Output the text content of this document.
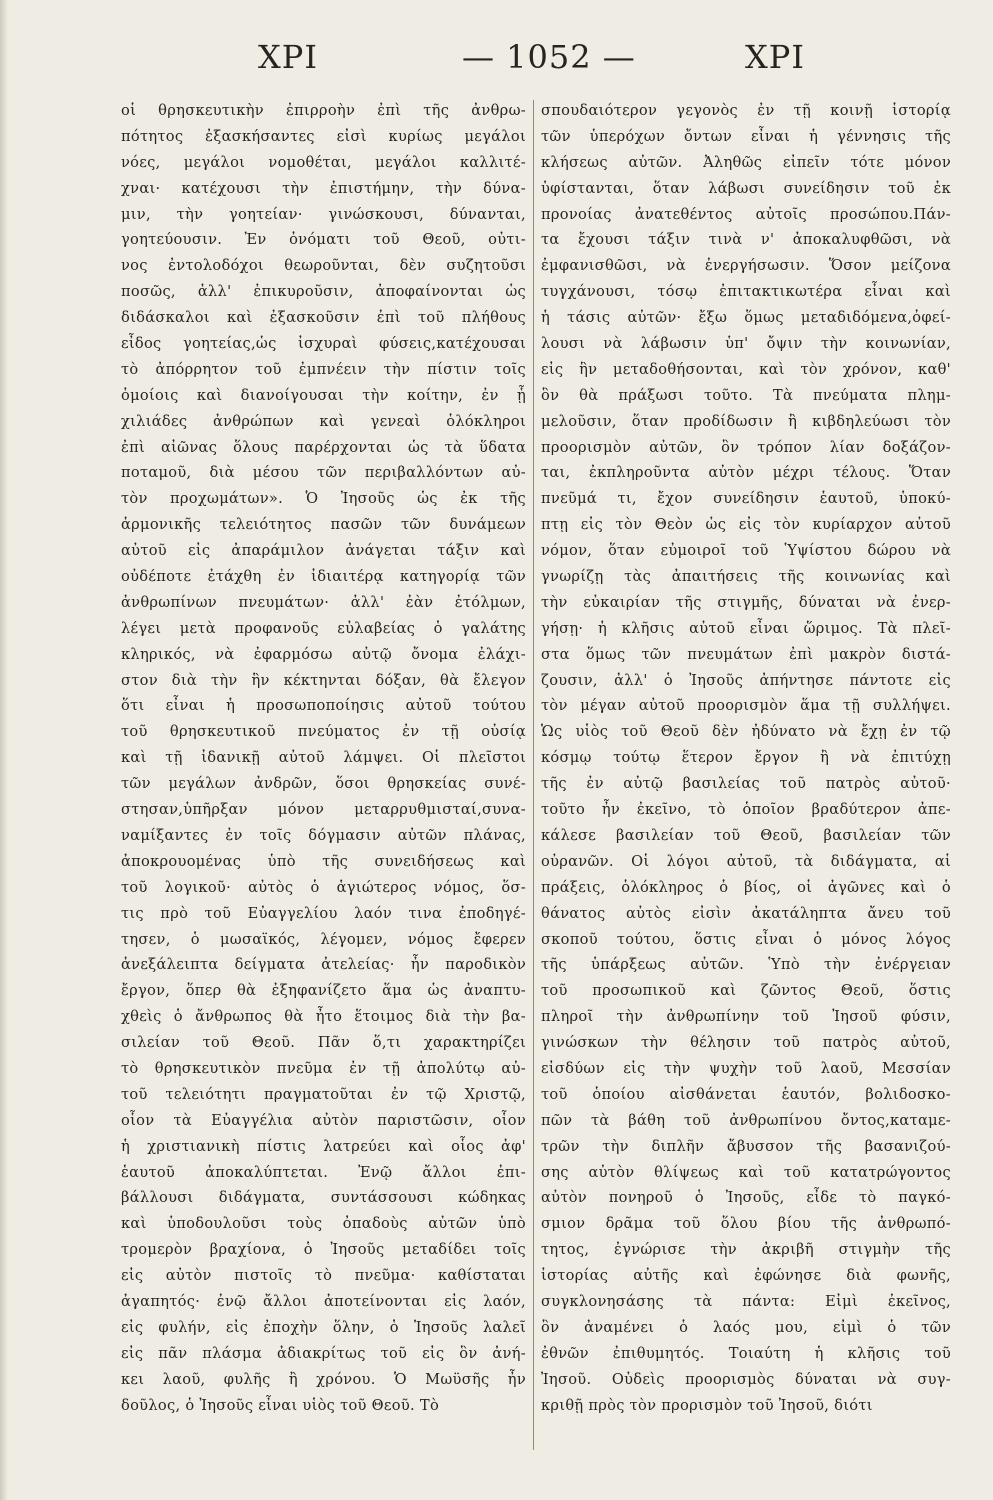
ΧΡΙ	— 1052 —	ΧΡΙ
οἱ θρησκευτικὴν ἐπιρροὴν ἐπὶ τῆς ἀνθρω-
πότητος ἐξασκήσαντες εἰσὶ κυρίως μεγάλοι
νόες, μεγάλοι νομοθέται, μεγάλοι καλλιτέ-
χναι· κατέχουσι τὴν ἐπιστήμην, τὴν δύνα-
μιν, τὴν γοητείαν· γινώσκουσι, δύνανται,
γοητεύουσιν. Ἐν ὀνόματι τοῦ Θεοῦ, οὐτι-
νος ἐντολοδόχοι θεωροῦνται, δὲν συζητοῦσι
ποσῶς, ἀλλ' ἐπικυροῦσιν, ἀποφαίνονται ὡς
διδάσκαλοι καὶ ἐξασκοῦσιν ἐπὶ τοῦ πλήθους
εἶδος γοητείας,ὡς ἰσχυραὶ φύσεις,κατέχουσαι
τὸ ἀπόρρητον τοῦ ἐμπνέειν τὴν πίστιν τοῖς
ὁμοίοις καὶ διανοίγουσαι τὴν κοίτην, ἐν ᾗ
χιλιάδες ἀνθρώπων καὶ γενεαὶ ὁλόκληροι
ἐπὶ αἰῶνας ὅλους παρέρχονται ὡς τὰ ὕδατα
ποταμοῦ, διὰ μέσου τῶν περιβαλλόντων αὐ-
τὸν προχωμάτων». Ὁ Ἰησοῦς ὡς ἐκ τῆς
ἁρμονικῆς τελειότητος πασῶν τῶν δυνάμεων
αὐτοῦ εἰς ἀπαράμιλον ἀνάγεται τάξιν καὶ
οὐδέποτε ἐτάχθη ἐν ἰδιαιτέρᾳ κατηγορίᾳ τῶν
ἀνθρωπίνων πνευμάτων· ἀλλ' ἐὰν ἐτόλμων,
λέγει μετὰ προφανοῦς εὐλαβείας ὁ γαλάτης
κληρικός, νὰ ἐφαρμόσω αὐτῷ ὄνομα ἐλάχι-
στον διὰ τὴν ἣν κέκτηνται δόξαν, θὰ ἔλεγον
ὅτι εἶναι ἡ προσωποποίησις αὐτοῦ τούτου
τοῦ θρησκευτικοῦ πνεύματος ἐν τῇ οὐσίᾳ
καὶ τῇ ἰδανικῇ αὐτοῦ λάμψει. Οἱ πλεῖστοι
τῶν μεγάλων ἀνδρῶν, ὅσοι θρησκείας συνέ-
στησαν,ὑπῆρξαν μόνον μεταρρυθμισταί,συνα-
ναμίξαντες ἐν τοῖς δόγμασιν αὐτῶν πλάνας,
ἀποκρουομένας ὑπὸ τῆς συνειδήσεως καὶ
τοῦ λογικοῦ· αὐτὸς ὁ ἁγιώτερος νόμος, ὅσ-
τις πρὸ τοῦ Εὐαγγελίου λαόν τινα ἐποδηγέ-
τησεν, ὁ μωσαϊκός, λέγομεν, νόμος ἔφερεν
ἀνεξάλειπτα δείγματα ἀτελείας· ἦν παροδικὸν
ἔργον, ὅπερ θὰ ἐξηφανίζετο ἅμα ὡς ἀναπτυ-
χθεὶς ὁ ἄνθρωπος θὰ ἦτο ἕτοιμος διὰ τὴν βα-
σιλείαν τοῦ Θεοῦ. Πᾶν ὅ,τι χαρακτηρίζει
τὸ θρησκευτικὸν πνεῦμα ἐν τῇ ἀπολύτῳ αὐ-
τοῦ τελειότητι πραγματοῦται ἐν τῷ Χριστῷ,
οἷον τὰ Εὐαγγέλια αὐτὸν παριστῶσιν, οἷον
ἡ χριστιανικὴ πίστις λατρεύει καὶ οἷος ἀφ'
ἑαυτοῦ ἀποκαλύπτεται. Ἐνῷ ἄλλοι ἐπι-
βάλλουσι διδάγματα, συντάσσουσι κώδηκας
καὶ ὑποδουλοῦσι τοὺς ὀπαδοὺς αὐτῶν ὑπὸ
τρομερὸν βραχίονα, ὁ Ἰησοῦς μεταδίδει τοῖς
εἰς αὐτὸν πιστοῖς τὸ πνεῦμα· καθίσταται
ἀγαπητός· ἐνῷ ἄλλοι ἀποτείνονται εἰς λαόν,
εἰς φυλήν, εἰς ἐποχὴν ὅλην, ὁ Ἰησοῦς λαλεῖ
εἰς πᾶν πλάσμα ἀδιακρίτως τοῦ εἰς ὃν ἀνή-
κει λαοῦ, φυλῆς ἢ χρόνου. Ὁ Μωϋσῆς ἦν
δοῦλος, ὁ Ἰησοῦς εἶναι υἱὸς τοῦ Θεοῦ. Τὸ
σπουδαιότερον γεγονὸς ἐν τῇ κοινῇ ἱστορίᾳ
τῶν ὑπερόχων ὄντων εἶναι ἡ γέννησις τῆς
κλήσεως αὐτῶν. Ἀληθῶς εἰπεῖν τότε μόνον
ὑφίστανται, ὅταν λάβωσι συνείδησιν τοῦ ἐκ
προνοίας ἀνατεθέντος αὐτοῖς προσώπου.Πάν-
τα ἔχουσι τάξιν τινὰ ν' ἀποκαλυφθῶσι, νὰ
ἐμφανισθῶσι, νὰ ἐνεργήσωσιν. Ὅσον μείζονα
τυγχάνουσι, τόσῳ ἐπιτακτικωτέρα εἶναι καὶ
ἡ τάσις αὐτῶν· ἔξω ὅμως μεταδιδόμενα,ὀφεί-
λουσι νὰ λάβωσιν ὑπ' ὄψιν τὴν κοινωνίαν,
εἰς ἣν μεταδοθήσονται, καὶ τὸν χρόνον, καθ'
ὃν θὰ πράξωσι τοῦτο. Τὰ πνεύματα πλημ-
μελοῦσιν, ὅταν προδίδωσιν ἢ κιβδηλεύωσι τὸν
προορισμὸν αὐτῶν, ὃν τρόπον λίαν δοξάζον-
ται, ἐκπληροῦντα αὐτὸν μέχρι τέλους. Ὅταν
πνεῦμά τι, ἔχον συνείδησιν ἑαυτοῦ, ὑποκύ-
πτῃ εἰς τὸν Θεὸν ὡς εἰς τὸν κυρίαρχον αὐτοῦ
νόμον, ὅταν εὐμοιροῖ τοῦ Ὑψίστου δώρου νὰ
γνωρίζῃ τὰς ἀπαιτήσεις τῆς κοινωνίας καὶ
τὴν εὐκαιρίαν τῆς στιγμῆς, δύναται νὰ ἐνερ-
γήσῃ· ἡ κλῆσις αὐτοῦ εἶναι ὥριμος. Τὰ πλεῖ-
στα ὅμως τῶν πνευμάτων ἐπὶ μακρὸν διστά-
ζουσιν, ἀλλ' ὁ Ἰησοῦς ἀπήντησε πάντοτε εἰς
τὸν μέγαν αὐτοῦ προορισμὸν ἅμα τῇ συλλήψει.
Ὡς υἱὸς τοῦ Θεοῦ δὲν ἠδύνατο νὰ ἔχῃ ἐν τῷ
κόσμῳ τούτῳ ἕτερον ἔργον ἢ νὰ ἐπιτύχῃ
τῆς ἐν αὐτῷ βασιλείας τοῦ πατρὸς αὐτοῦ·
τοῦτο ἦν ἐκεῖνο, τὸ ὁποῖον βραδύτερον ἀπε-
κάλεσε βασιλείαν τοῦ Θεοῦ, βασιλείαν τῶν
οὐρανῶν. Οἱ λόγοι αὐτοῦ, τὰ διδάγματα, αἱ
πράξεις, ὁλόκληρος ὁ βίος, οἱ ἀγῶνες καὶ ὁ
θάνατος αὐτὸς εἰσὶν ἀκατάληπτα ἄνευ τοῦ
σκοποῦ τούτου, ὅστις εἶναι ὁ μόνος λόγος
τῆς ὑπάρξεως αὐτῶν. Ὑπὸ τὴν ἐνέργειαν
τοῦ προσωπικοῦ καὶ ζῶντος Θεοῦ, ὅστις
πληροῖ τὴν ἀνθρωπίνην τοῦ Ἰησοῦ φύσιν,
γινώσκων τὴν θέλησιν τοῦ πατρὸς αὐτοῦ,
εἰσδύων εἰς τὴν ψυχὴν τοῦ λαοῦ, Μεσσίαν
τοῦ ὁποίου αἰσθάνεται ἑαυτόν, βολιδοσκο-
πῶν τὰ βάθη τοῦ ἀνθρωπίνου ὄντος,καταμε-
τρῶν τὴν διπλῆν ἄβυσσον τῆς βασανιζού-
σης αὐτὸν θλίψεως καὶ τοῦ κατατρώγοντος
αὐτὸν πονηροῦ ὁ Ἰησοῦς, εἶδε τὸ παγκό-
σμιον δρᾶμα τοῦ ὅλου βίου τῆς ἀνθρωπό-
τητος, ἐγνώρισε τὴν ἀκριβῆ στιγμὴν τῆς
ἱστορίας αὐτῆς καὶ ἐφώνησε διὰ φωνῆς,
συγκλονησάσης τὰ πάντα: Εἰμὶ ἐκεῖνος,
ὃν ἀναμένει ὁ λαός μου, εἰμὶ ὁ τῶν
ἐθνῶν ἐπιθυμητός. Τοιαύτη ἡ κλῆσις τοῦ
Ἰησοῦ. Οὐδεὶς προορισμὸς δύναται νὰ συγ-
κριθῇ πρὸς τὸν προρισμὸν τοῦ Ἰησοῦ, διότι
